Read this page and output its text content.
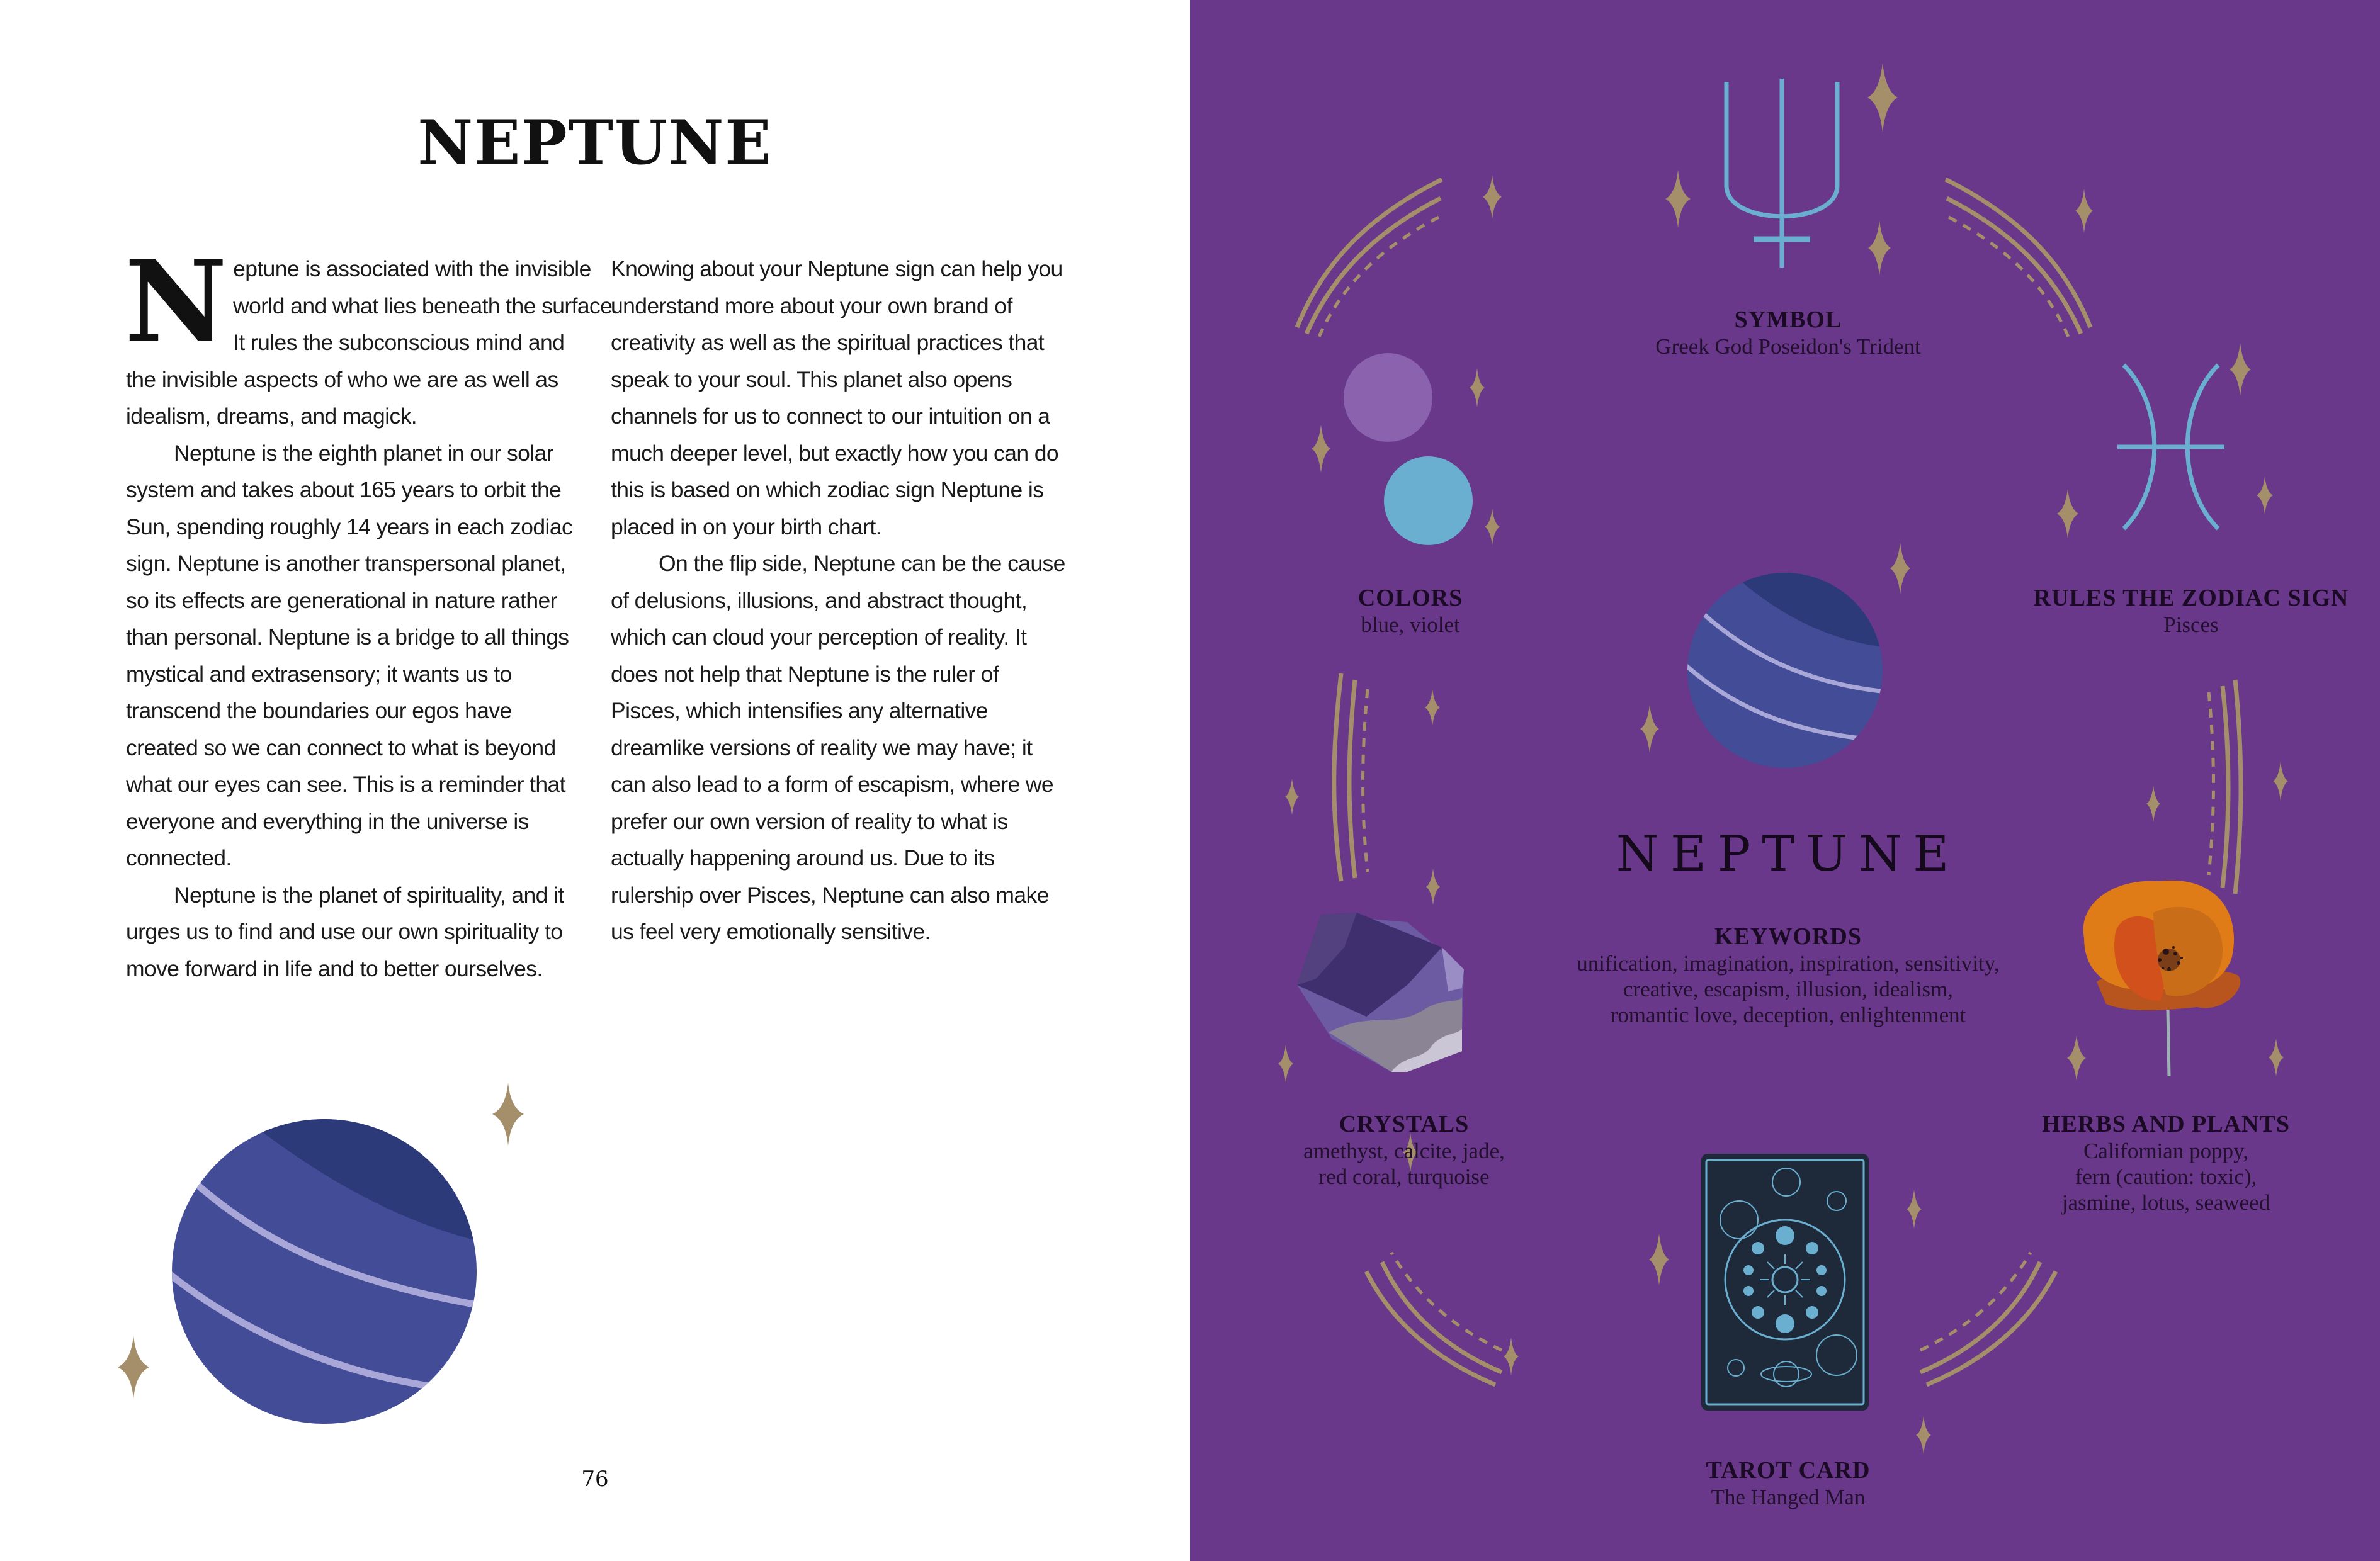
NEPTUNE

N eptune is associated with the invisible
world and what lies beneath the surface.
It rules the subconscious mind and
the invisible aspects of who we are as well as
idealism, dreams, and magick.

Neptune is the eighth planet in our solar system and takes about 165 years to orbit the Sun, spending roughly 14 years in each zodiac sign. Neptune is another transpersonal planet, so its effects are generational in nature rather than personal. Neptune is a bridge to all things mystical and extrasensory; it wants us to transcend the boundaries our egos have created so we can connect to what is beyond what our eyes can see. This is a reminder that everyone and everything in the universe is connected.

Neptune is the planet of spirituality, and it urges us to find and use our own spirituality to move forward in life and to better ourselves.

Knowing about your Neptune sign can help you understand more about your own brand of creativity as well as the spiritual practices that speak to your soul. This planet also opens channels for us to connect to our intuition on a much deeper level, but exactly how you can do this is based on which zodiac sign Neptune is placed in on your birth chart.

On the flip side, Neptune can be the cause of delusions, illusions, and abstract thought, which can cloud your perception of reality. It does not help that Neptune is the ruler of Pisces, which intensifies any alternative dreamlike versions of reality we may have; it can also lead to a form of escapism, where we prefer our own version of reality to what is actually happening around us. Due to its rulership over Pisces, Neptune can also make us feel very emotionally sensitive.

76
SYMBOL
Greek God Poseidon's Trident
COLORS
blue, violet
RULES THE ZODIAC SIGN
Pisces
NEPTUNE
KEYWORDS
unification, imagination, inspiration, sensitivity,
creative, escapism, illusion, idealism,
romantic love, deception, enlightenment
CRYSTALS
amethyst, calcite, jade,
red coral, turquoise
HERBS AND PLANTS
Californian poppy,
fern (caution: toxic),
jasmine, lotus, seaweed
TAROT CARD
The Hanged Man
